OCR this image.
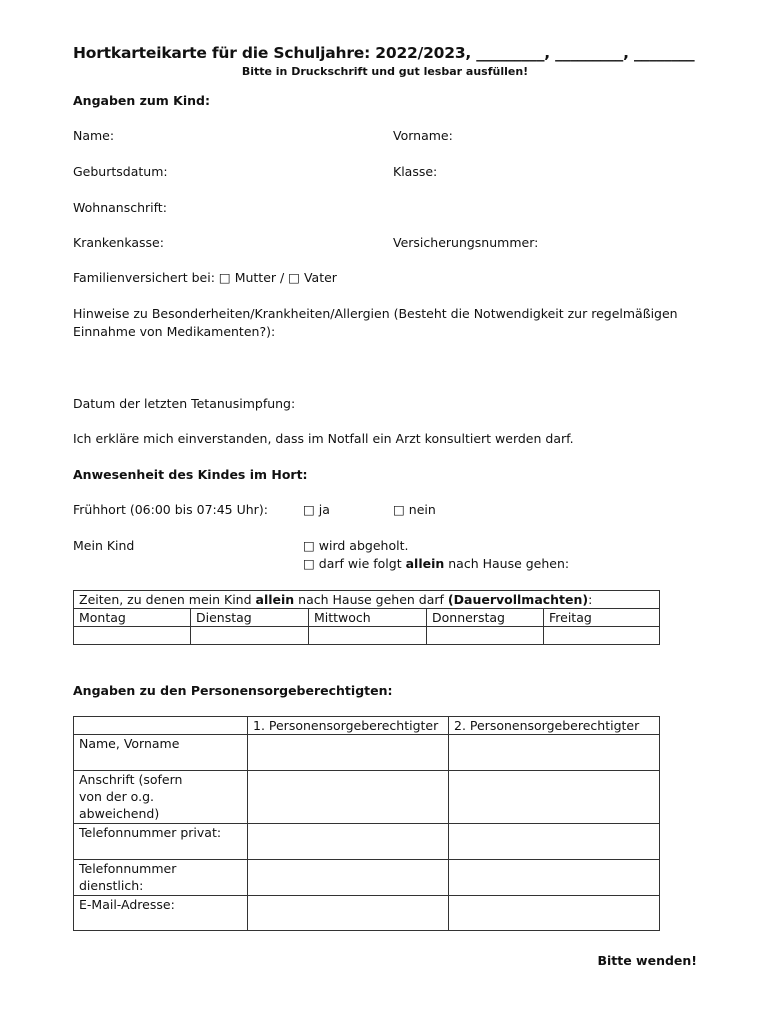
Hortkarteikarte für die Schuljahre: 2022/2023, _________, _________, ________
Bitte in Druckschrift und gut lesbar ausfüllen!
Angaben zum Kind:
Name:	Vorname:
Geburtsdatum:	Klasse:
Wohnanschrift:
Krankenkasse:	Versicherungsnummer:
Familienversichert bei: □ Mutter / □ Vater
Hinweise zu Besonderheiten/Krankheiten/Allergien (Besteht die Notwendigkeit zur regelmäßigen Einnahme von Medikamenten?):
Datum der letzten Tetanusimpfung:
Ich erkläre mich einverstanden, dass im Notfall ein Arzt konsultiert werden darf.
Anwesenheit des Kindes im Hort:
Frühhort (06:00 bis 07:45 Uhr):	□ ja	□ nein
Mein Kind	□ wird abgeholt.
□ darf wie folgt allein nach Hause gehen:
Zeiten, zu denen mein Kind allein nach Hause gehen darf (Dauervollmachten):				
Montag	Dienstag	Mittwoch	Donnerstag	Freitag

Angaben zu den Personensorgeberechtigten:
	1. Personensorgeberechtigter	2. Personensorgeberechtigter
Name, Vorname		

Anschrift (sofern von der o.g. abweichend)		

Telefonnummer privat:		

Telefonnummer dienstlich:		

E-Mail-Adresse:		
Bitte wenden!
